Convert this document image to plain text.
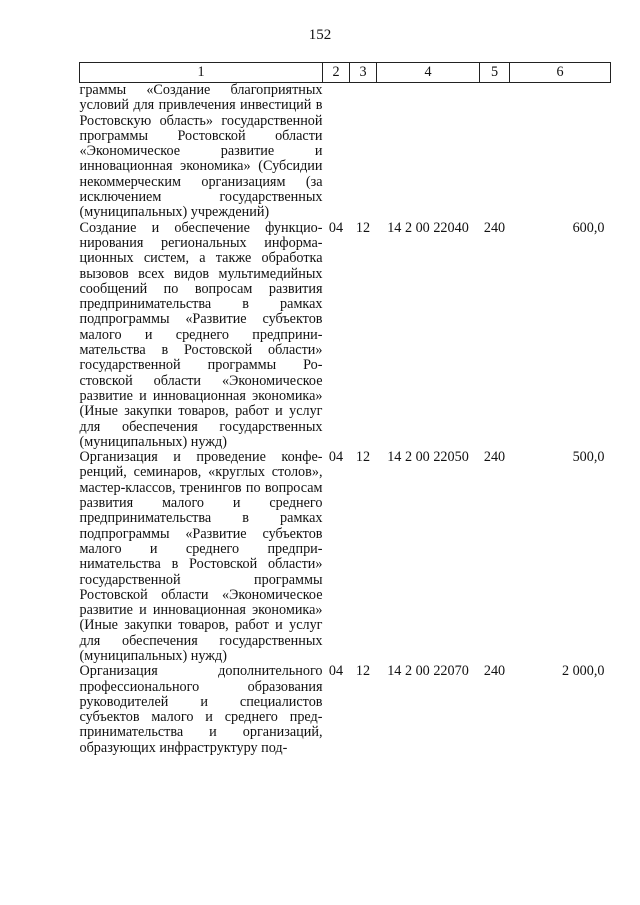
152
1	2	3	4	5	6
граммы «Создание благоприятных условий для привлечения инвестиций в Ростовскую область» государственной программы Ростовской области «Экономическое развитие и инновационная экономика» (Субсидии некоммерческим организациям (за исключением государственных (муниципальных) учреждений)					
Создание и обеспечение функционирования региональных информационных систем, а также обработка вызовов всех видов мультимедийных сообщений по вопросам развития предпринимательства в рамках подпрограммы «Развитие субъектов малого и среднего предпринимательства в Ростовской области» государственной программы Ростовской области «Экономическое развитие и инновационная экономика» (Иные закупки товаров, работ и услуг для обеспечения государственных (муниципальных) нужд)	04	12	14 2 00 22040	240	600,0
Организация и проведение конференций, семинаров, «круглых столов», мастер-классов, тренингов по вопросам развития малого и среднего предпринимательства в рамках подпрограммы «Развитие субъектов малого и среднего предпринимательства в Ростовской области» государственной программы Ростовской области «Экономическое развитие и инновационная экономика» (Иные закупки товаров, работ и услуг для обеспечения государственных (муниципальных) нужд)	04	12	14 2 00 22050	240	500,0
Организация дополнительного профессионального образования руководителей и специалистов субъектов малого и среднего предпринимательства и организаций, образующих инфраструктуру под-	04	12	14 2 00 22070	240	2 000,0
